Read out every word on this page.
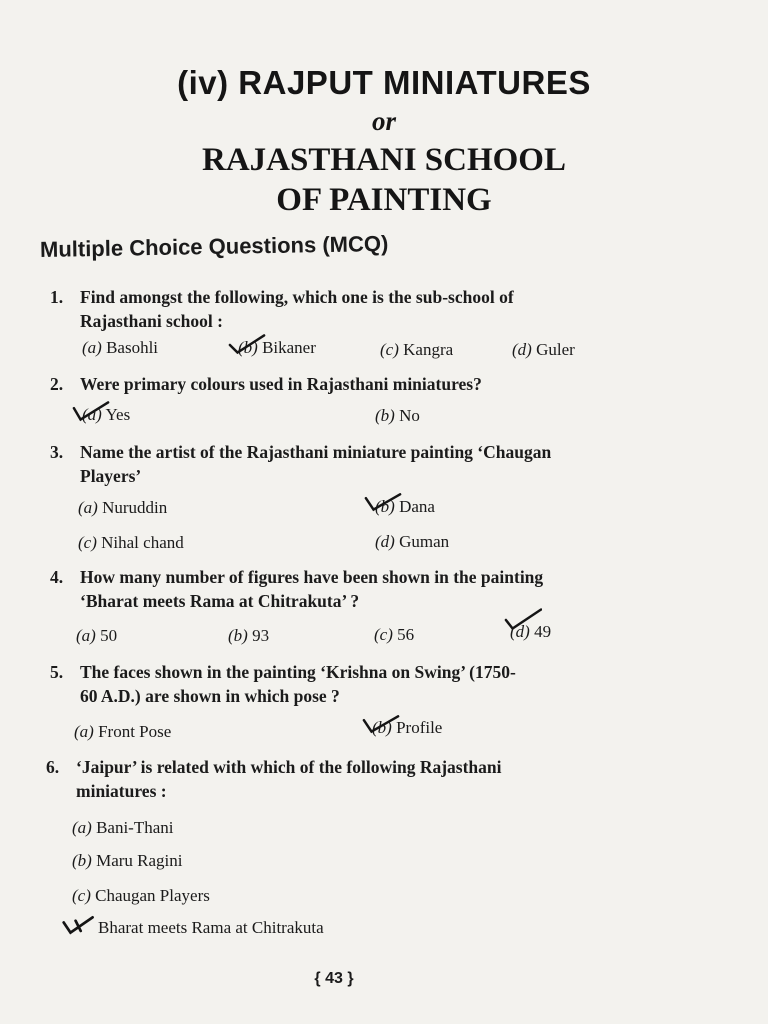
(iv) RAJPUT MINIATURES
or
RAJASTHANI SCHOOL
OF PAINTING
Multiple Choice Questions (MCQ)
1. Find amongst the following, which one is the sub-school of
Rajasthani school :
(a) Basohli	(b) Bikaner	(c) Kangra	(d) Guler
2. Were primary colours used in Rajasthani miniatures?
(a) Yes	(b) No
3. Name the artist of the Rajasthani miniature painting ‘Chaugan
Players’
(a) Nuruddin	(b) Dana
(c) Nihal chand	(d) Guman
4. How many number of figures have been shown in the painting
‘Bharat meets Rama at Chitrakuta’ ?
(a) 50	(b) 93	(c) 56	(d) 49
5. The faces shown in the painting ‘Krishna on Swing’ (1750-
60 A.D.) are shown in which pose ?
(a) Front Pose	(b) Profile
6. ‘Jaipur’ is related with which of the following Rajasthani
miniatures :
(a) Bani-Thani
(b) Maru Ragini
(c) Chaugan Players
Bharat meets Rama at Chitrakuta
{ 43 }
